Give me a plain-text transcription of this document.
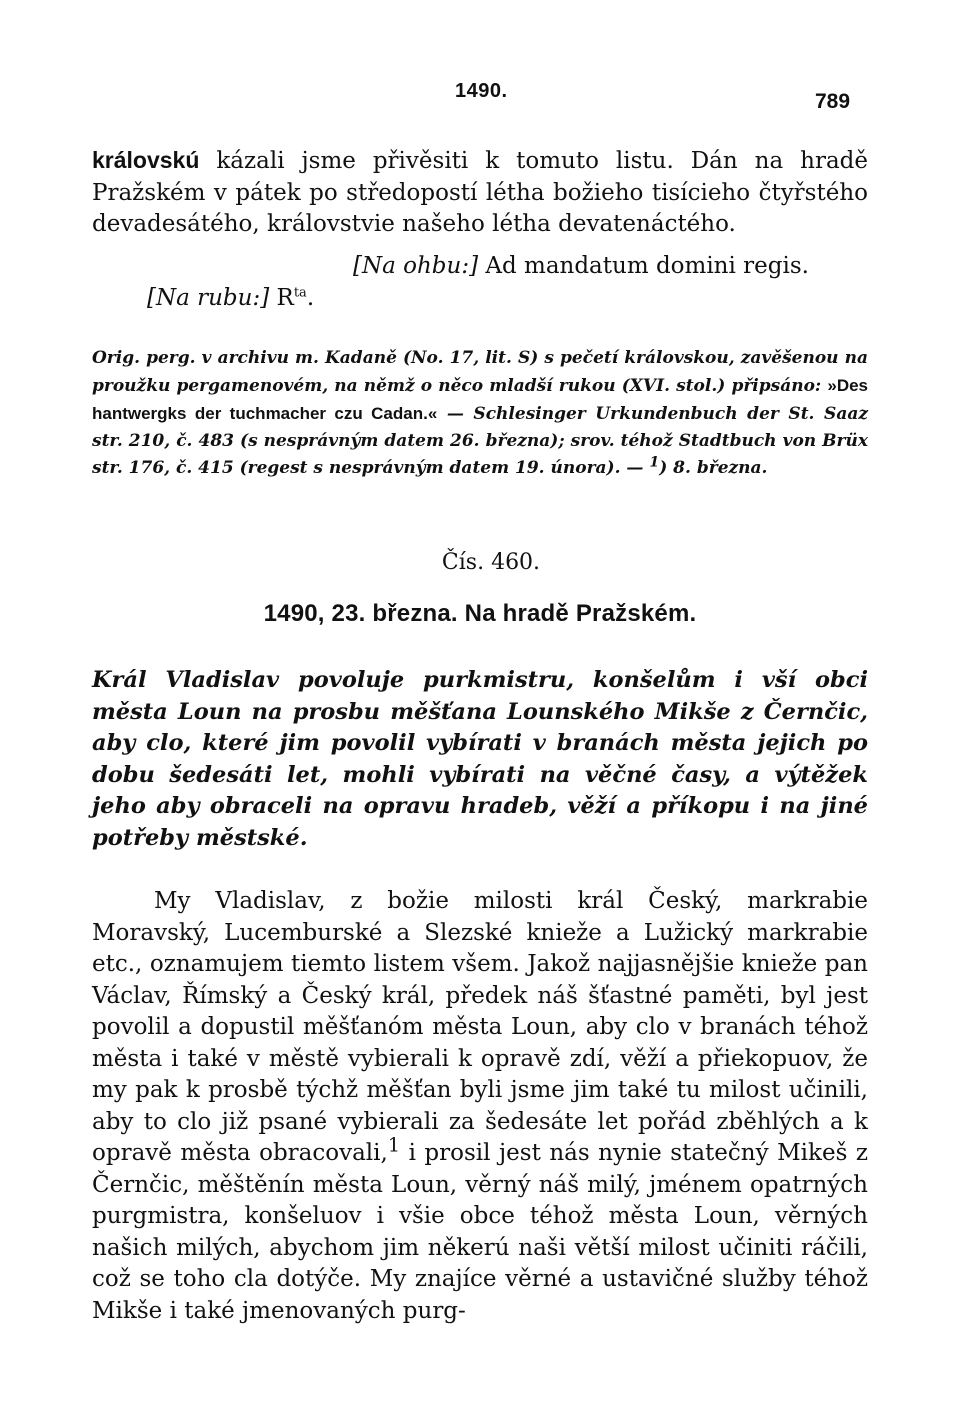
1490.	789

královskú kázali jsme přivěsiti k tomuto listu. Dán na hradě Pražském v pátek po středopostí létha božieho tisícieho čtyřstého devadesátého, královstvie našeho létha devatenáctého.

[Na ohbu:] Ad mandatum domini regis.
[Na rubu:] $R^{ta}$.

Orig. perg. v archivu m. Kadaně (No. 17, lit. S) s pečetí královskou, zavěšenou na proužku pergamenovém, na němž o něco mladší rukou (XVI. stol.) připsáno: »Des hantwergks der tuchmacher czu Cadan.« — Schlesinger Urkundenbuch der St. Saaz str. 210, č. 483 (s nesprávným datem 26. března); srov. téhož Stadtbuch von Brüx str. 176, č. 415 (regest s nesprávným datem 19. února). — $^1$) 8. března.

Čís. 460.
1490, 23. března. Na hradě Pražském.

Král Vladislav povoluje purkmistru, konšelům i vší obci města Loun na prosbu měšťana Lounského Mikše z Černčic, aby clo, které jim povolil vybírati v branách města jejich po dobu šedesáti let, mohli vybírati na věčné časy, a výtěžek jeho aby obraceli na opravu hradeb, věží a příkopu i na jiné potřeby městské.

My Vladislav, z božie milosti král Český, markrabie Moravský, Lucemburské a Slezské knieže a Lužický markrabie etc., oznamujem tiemto listem všem. Jakož najjasnějšie knieže pan Václav, Římský a Český král, předek náš šťastné paměti, byl jest povolil a dopustil měšťanóm města Loun, aby clo v branách téhož města i také v městě vybierali k opravě zdí, věží a přiekopuov, že my pak k prosbě týchž měšťan byli jsme jim také tu milost učinili, aby to clo již psané vybierali za šedesáte let pořád zběhlých a k opravě města obracovali,$^1$ i prosil jest nás nynie statečný Mikeš z Černčic, měštěnín města Loun, věrný náš milý, jménem opatrných purgmistra, konšeluov i všie obce téhož města Loun, věrných našich milých, abychom jim někerú naši větší milost učiniti ráčili, což se toho cla dotýče. My znajíce věrné a ustavičné služby téhož Mikše i také jmenovaných purg-
